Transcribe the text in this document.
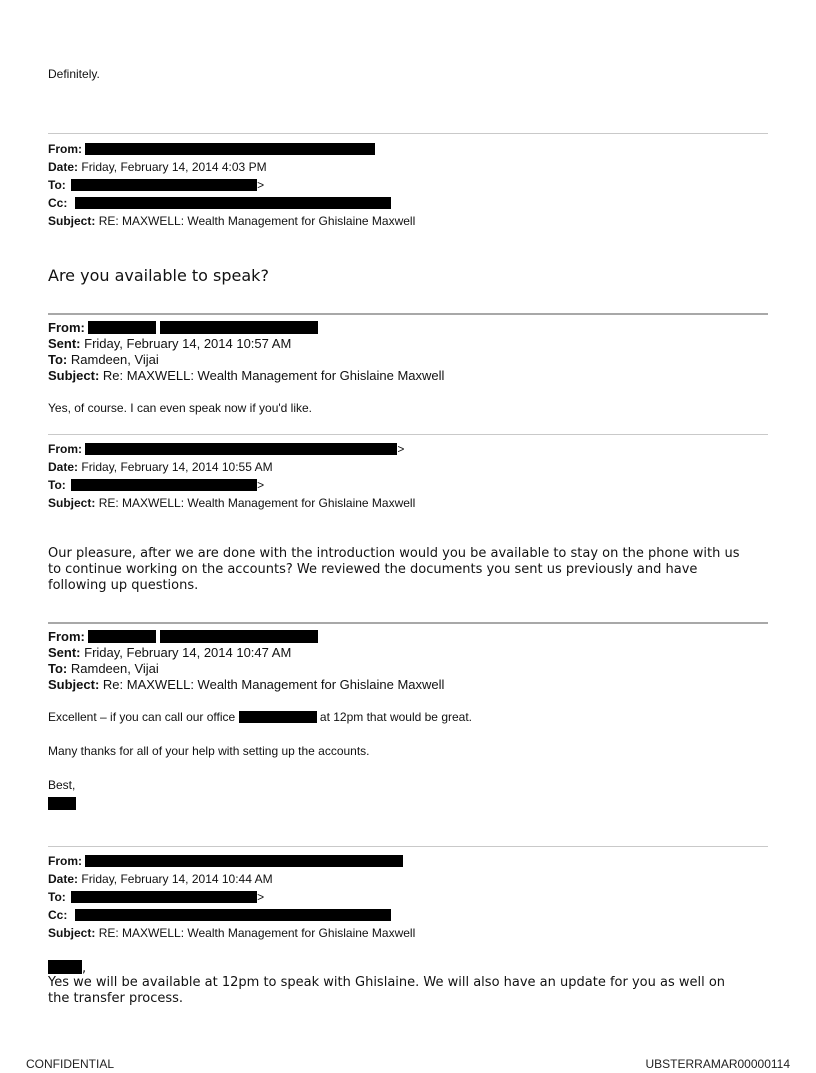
Definitely.
From:
Date: Friday, February 14, 2014 4:03 PM
To:	>
Cc:
Subject: RE: MAXWELL: Wealth Management for Ghislaine Maxwell
Are you available to speak?
From:
Sent: Friday, February 14, 2014 10:57 AM
To: Ramdeen, Vijai
Subject: Re: MAXWELL: Wealth Management for Ghislaine Maxwell
Yes, of course. I can even speak now if you'd like.
From:	>
Date: Friday, February 14, 2014 10:55 AM
To:	>
Subject: RE: MAXWELL: Wealth Management for Ghislaine Maxwell
Our pleasure, after we are done with the introduction would you be available to stay on the phone with us
to continue working on the accounts? We reviewed the documents you sent us previously and have
following up questions.
From:
Sent: Friday, February 14, 2014 10:47 AM
To: Ramdeen, Vijai
Subject: Re: MAXWELL: Wealth Management for Ghislaine Maxwell
Excellent – if you can call our office	at 12pm that would be great.
Many thanks for all of your help with setting up the accounts.
Best,
From:
Date: Friday, February 14, 2014 10:44 AM
To:	>
Cc:
Subject: RE: MAXWELL: Wealth Management for Ghislaine Maxwell
,
Yes we will be available at 12pm to speak with Ghislaine. We will also have an update for you as well on
the transfer process.
CONFIDENTIAL	UBSTERRAMAR00000114
